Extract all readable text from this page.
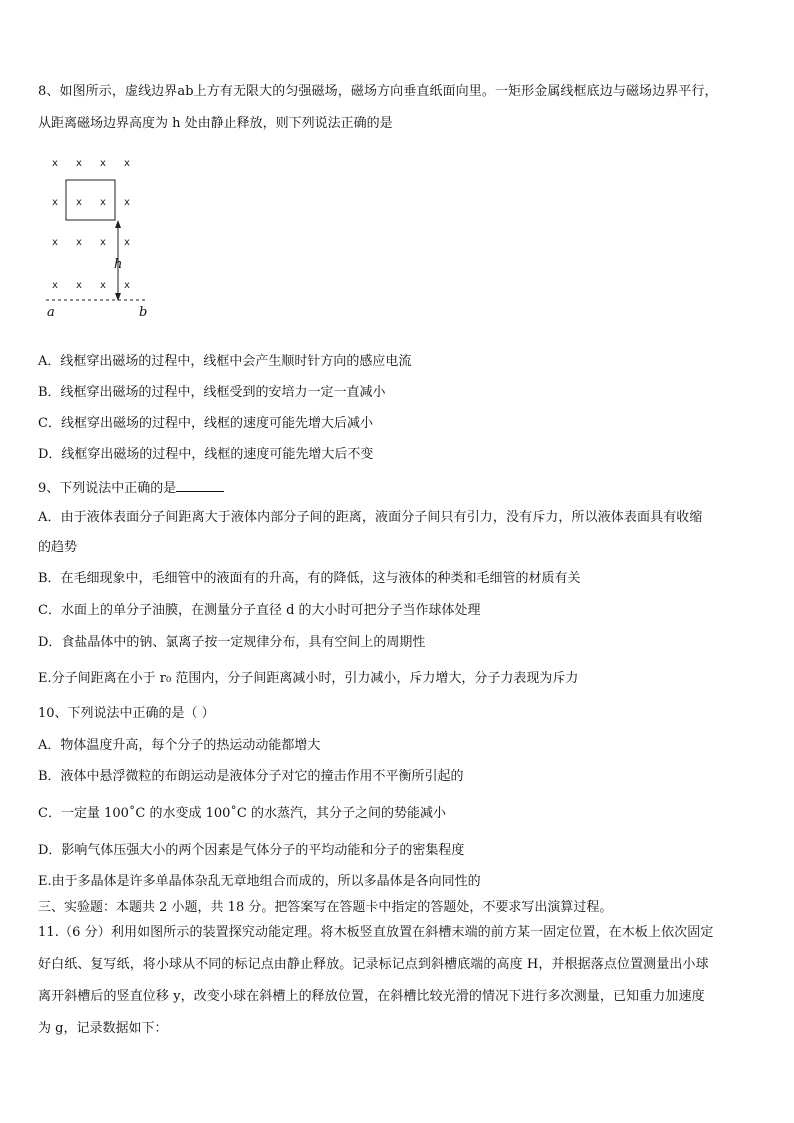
8、如图所示，虚线边界ab上方有无限大的匀强磁场，磁场方向垂直纸面向里。一矩形金属线框底边与磁场边界平行，
从距离磁场边界高度为 h 处由静止释放，则下列说法正确的是
x x x x
x x x x
x x x x
x x x x
h
a	b
A．线框穿出磁场的过程中，线框中会产生顺时针方向的感应电流
B．线框穿出磁场的过程中，线框受到的安培力一定一直减小
C．线框穿出磁场的过程中，线框的速度可能先增大后减小
D．线框穿出磁场的过程中，线框的速度可能先增大后不变
9、下列说法中正确的是
A．由于液体表面分子间距离大于液体内部分子间的距离，液面分子间只有引力，没有斥力，所以液体表面具有收缩
的趋势
B．在毛细现象中，毛细管中的液面有的升高，有的降低，这与液体的种类和毛细管的材质有关
C．水面上的单分子油膜，在测量分子直径 d 的大小时可把分子当作球体处理
D．食盐晶体中的钠、氯离子按一定规律分布，具有空间上的周期性
E.分子间距离在小于 r₀ 范围内，分子间距离减小时，引力减小，斥力增大，分子力表现为斥力
10、下列说法中正确的是（ ）
A．物体温度升高，每个分子的热运动动能都增大
B．液体中悬浮微粒的布朗运动是液体分子对它的撞击作用不平衡所引起的
C．一定量 100˚C 的水变成 100˚C 的水蒸汽，其分子之间的势能减小
D．影响气体压强大小的两个因素是气体分子的平均动能和分子的密集程度
E.由于多晶体是许多单晶体杂乱无章地组合而成的，所以多晶体是各向同性的
三、实验题：本题共 2 小题，共 18 分。把答案写在答题卡中指定的答题处，不要求写出演算过程。
11.（6 分）利用如图所示的装置探究动能定理。将木板竖直放置在斜槽末端的前方某一固定位置，在木板上依次固定
好白纸、复写纸，将小球从不同的标记点由静止释放。记录标记点到斜槽底端的高度 H，并根据落点位置测量出小球
离开斜槽后的竖直位移 y，改变小球在斜槽上的释放位置，在斜槽比较光滑的情况下进行多次测量，已知重力加速度
为 g，记录数据如下：
